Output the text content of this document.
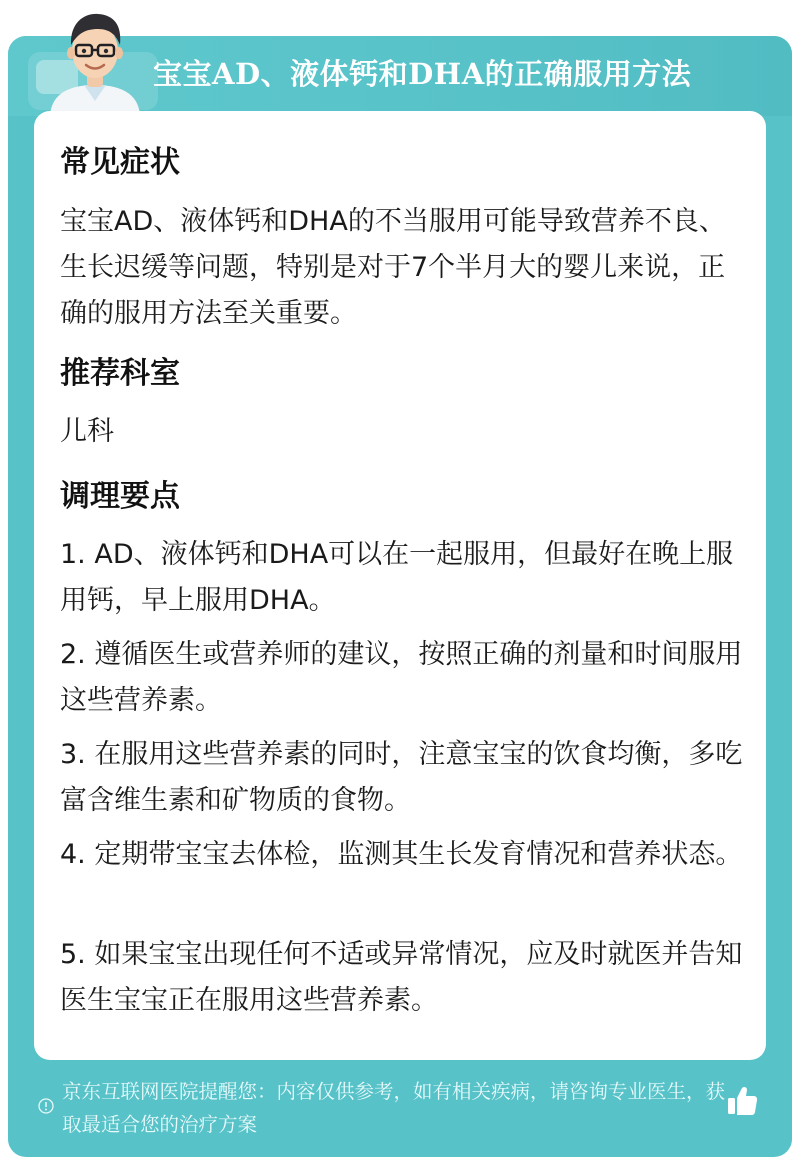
宝宝AD、液体钙和DHA的正确服用方法
常见症状
宝宝AD、液体钙和DHA的不当服用可能导致营养不良、生长迟缓等问题，特别是对于7个半月大的婴儿来说，正确的服用方法至关重要。
推荐科室
儿科
调理要点
1. AD、液体钙和DHA可以在一起服用，但最好在晚上服用钙，早上服用DHA。
2. 遵循医生或营养师的建议，按照正确的剂量和时间服用这些营养素。
3. 在服用这些营养素的同时，注意宝宝的饮食均衡，多吃富含维生素和矿物质的食物。
4. 定期带宝宝去体检，监测其生长发育情况和营养状态。
5. 如果宝宝出现任何不适或异常情况，应及时就医并告知医生宝宝正在服用这些营养素。
京东互联网医院提醒您：内容仅供参考，如有相关疾病，请咨询专业医生，获取最适合您的治疗方案
